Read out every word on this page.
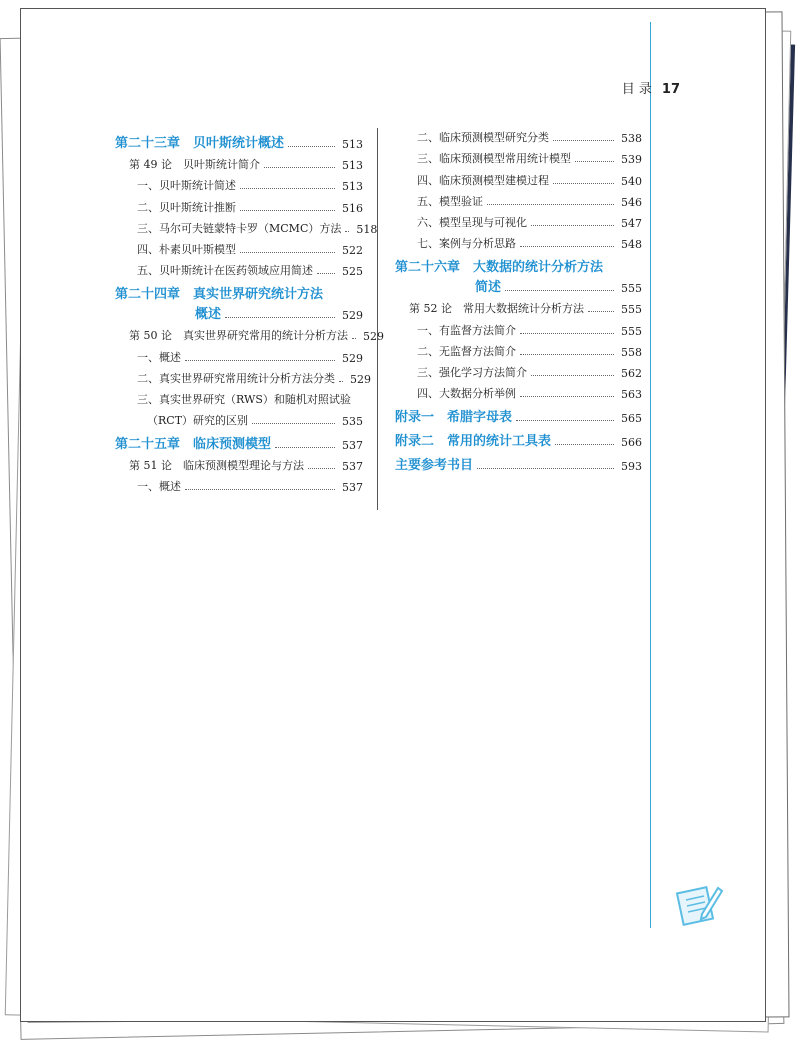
目 录 17
第二十三章　贝叶斯统计概述	513
第 49 论　贝叶斯统计简介	513
一、贝叶斯统计简述	513
二、贝叶斯统计推断	516
三、马尔可夫链蒙特卡罗（MCMC）方法 518
四、朴素贝叶斯模型	522
五、贝叶斯统计在医药领域应用简述	525
第二十四章　真实世界研究统计方法
概述	529
第 50 论　真实世界研究常用的统计分析方法 529
一、概述	529
二、真实世界研究常用统计分析方法分类 529
三、真实世界研究（RWS）和随机对照试验
（RCT）研究的区别	535
第二十五章　临床预测模型	537
第 51 论　临床预测模型理论与方法	537
一、概述	537
二、临床预测模型研究分类	538
三、临床预测模型常用统计模型	539
四、临床预测模型建模过程	540
五、模型验证	546
六、模型呈现与可视化	547
七、案例与分析思路	548
第二十六章　大数据的统计分析方法
简述	555
第 52 论　常用大数据统计分析方法	555
一、有监督方法简介	555
二、无监督方法简介	558
三、强化学习方法简介	562
四、大数据分析举例	563
附录一　希腊字母表	565
附录二　常用的统计工具表	566
主要参考书目	593
